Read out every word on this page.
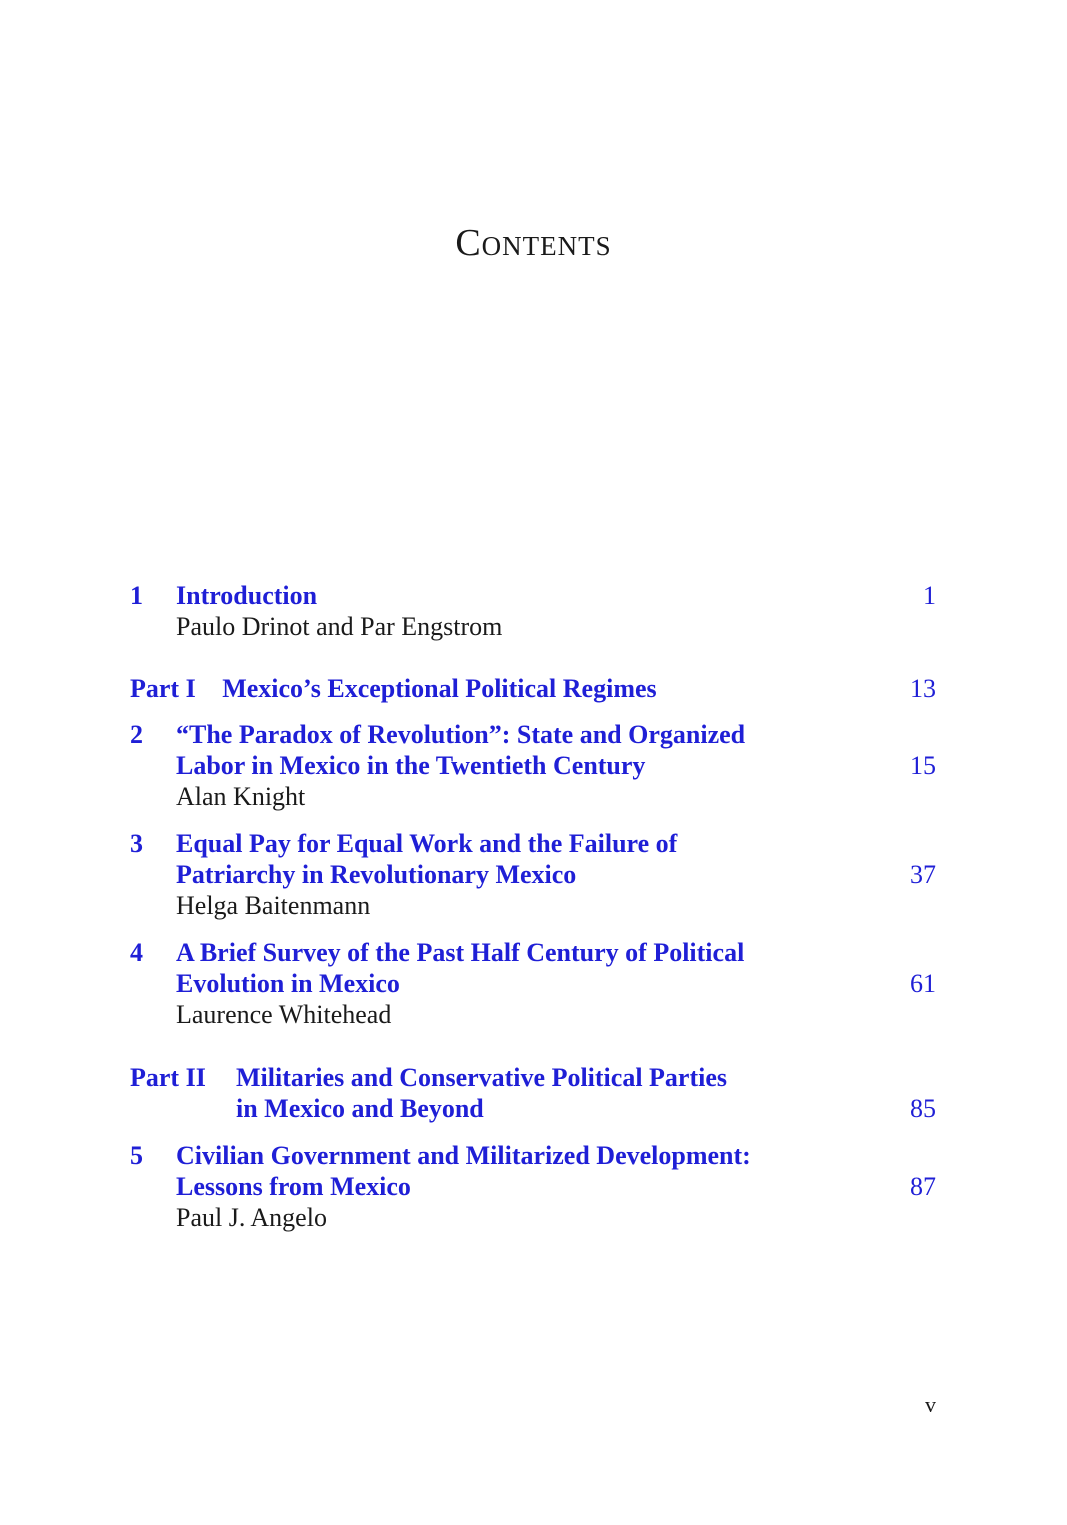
Contents
1 Introduction
Paulo Drinot and Par Engstrom
1
Part I Mexico’s Exceptional Political Regimes	13
2 “The Paradox of Revolution”: State and Organized
Labor in Mexico in the Twentieth Century
Alan Knight
15
3 Equal Pay for Equal Work and the Failure of
Patriarchy in Revolutionary Mexico
Helga Baitenmann
37
4 A Brief Survey of the Past Half Century of Political
Evolution in Mexico
Laurence Whitehead
61
Part II Militaries and Conservative Political Parties
in Mexico and Beyond	85
5 Civilian Government and Militarized Development:
Lessons from Mexico
Paul J. Angelo
87
v
